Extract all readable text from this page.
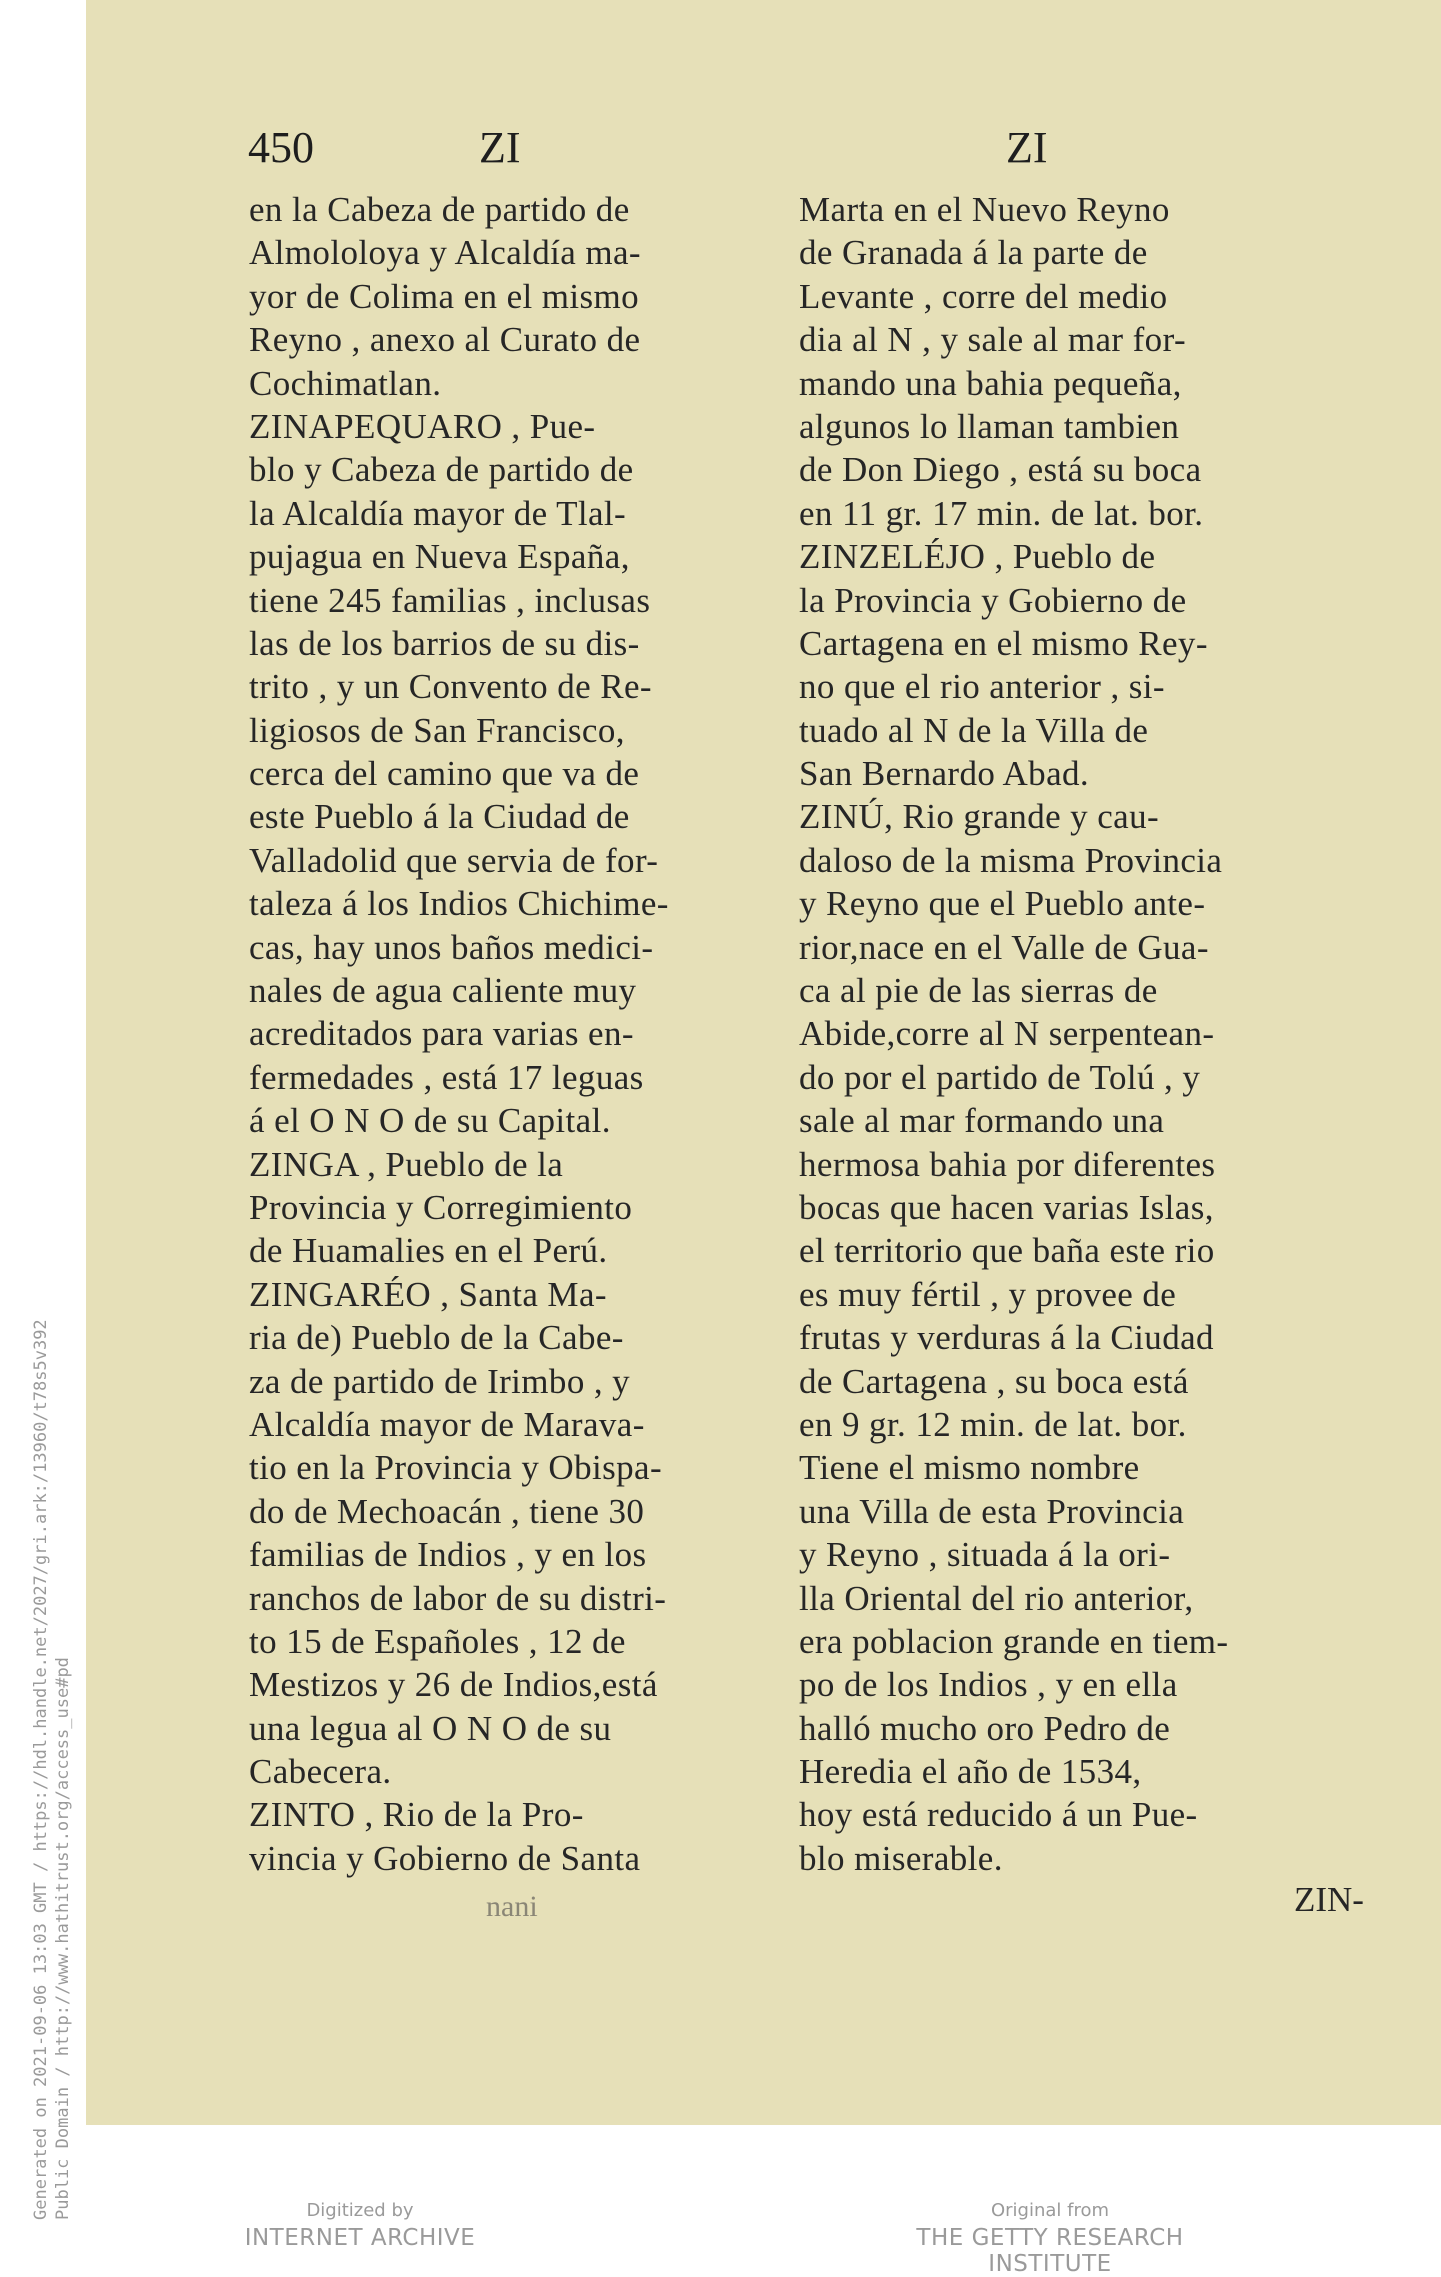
450	ZI	ZI
en la Cabeza de partido de
Almololoya y Alcaldía ma-
yor de Colima en el mismo
Reyno , anexo al Curato de
Cochimatlan.
ZINAPEQUARO , Pue-
blo y Cabeza de partido de
la Alcaldía mayor de Tlal-
pujagua en Nueva España,
tiene 245 familias , inclusas
las de los barrios de su dis-
trito , y un Convento de Re-
ligiosos de San Francisco,
cerca del camino que va de
este Pueblo á la Ciudad de
Valladolid que servia de for-
taleza á los Indios Chichime-
cas, hay unos baños medici-
nales de agua caliente muy
acreditados para varias en-
fermedades , está 17 leguas
á el O N O de su Capital.
ZINGA , Pueblo de la
Provincia y Corregimiento
de Huamalies en el Perú.
ZINGARÉO , Santa Ma-
ria de) Pueblo de la Cabe-
za de partido de Irimbo , y
Alcaldía mayor de Marava-
tio en la Provincia y Obispa-
do de Mechoacán , tiene 30
familias de Indios , y en los
ranchos de labor de su distri-
to 15 de Españoles , 12 de
Mestizos y 26 de Indios,está
una legua al O N O de su
Cabecera.
ZINTO , Rio de la Pro-
vincia y Gobierno de Santa
Marta en el Nuevo Reyno
de Granada á la parte de
Levante , corre del medio
dia al N , y sale al mar for-
mando una bahia pequeña,
algunos lo llaman tambien
de Don Diego , está su boca
en 11 gr. 17 min. de lat. bor.
ZINZELÉJO , Pueblo de
la Provincia y Gobierno de
Cartagena en el mismo Rey-
no que el rio anterior , si-
tuado al N de la Villa de
San Bernardo Abad.
ZINÚ, Rio grande y cau-
daloso de la misma Provincia
y Reyno que el Pueblo ante-
rior,nace en el Valle de Gua-
ca al pie de las sierras de
Abide,corre al N serpentean-
do por el partido de Tolú , y
sale al mar formando una
hermosa bahia por diferentes
bocas que hacen varias Islas,
el territorio que baña este rio
es muy fértil , y provee de
frutas y verduras á la Ciudad
de Cartagena , su boca está
en 9 gr. 12 min. de lat. bor.
Tiene el mismo nombre
una Villa de esta Provincia
y Reyno , situada á la ori-
lla Oriental del rio anterior,
era poblacion grande en tiem-
po de los Indios , y en ella
halló mucho oro Pedro de
Heredia el año de 1534,
hoy está reducido á un Pue-
blo miserable.
nani	ZIN-
Generated on 2021-09-06 13:03 GMT / https://hdl.handle.net/2027/gri.ark:/13960/t78s5v392 Public Domain / http://www.hathitrust.org/access_use#pd	Digitized by
INTERNET ARCHIVE
Original from
THE GETTY RESEARCH INSTITUTE
